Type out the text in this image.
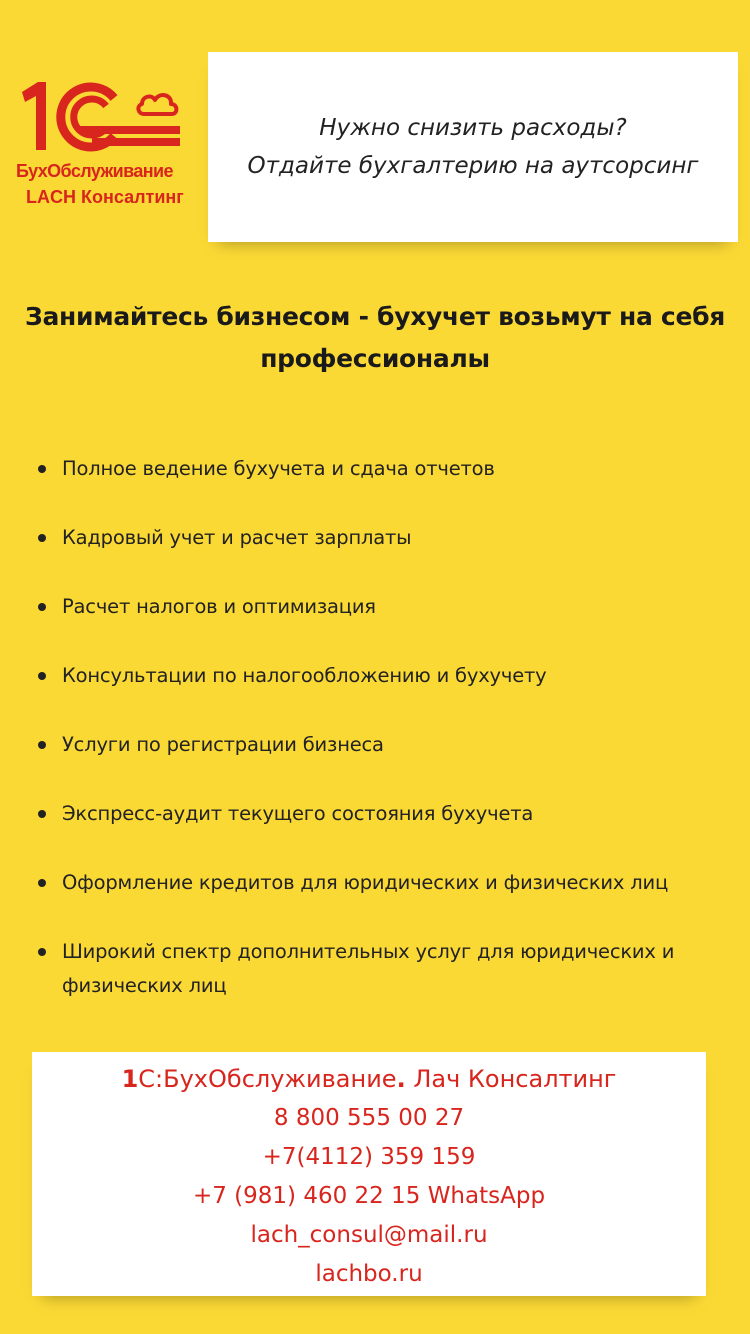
БухОбслуживание
LACH Консалтинг
Нужно снизить расходы?
Отдайте бухгалтерию на аутсорсинг
Занимайтесь бизнесом - бухучет возьмут на себя профессионалы
Полное ведение бухучета и сдача отчетов
Кадровый учет и расчет зарплаты
Расчет налогов и оптимизация
Консультации по налогообложению и бухучету
Услуги по регистрации бизнеса
Экспресс-аудит текущего состояния бухучета
Оформление кредитов для юридических и физических лиц
Широкий спектр дополнительных услуг для юридических и физических лиц
1С:БухОбслуживание. Лач Консалтинг
8 800 555 00 27
+7(4112) 359 159
+7 (981) 460 22 15 WhatsApp
lach_consul@mail.ru
lachbo.ru
